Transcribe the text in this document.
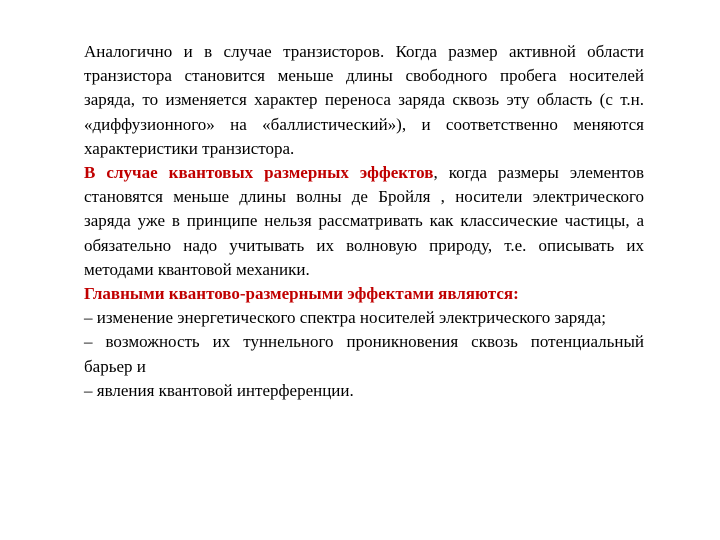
Аналогично и в случае транзисторов. Когда размер активной области транзистора становится меньше длины свободного пробега носителей заряда, то изменяется характер переноса заряда сквозь эту область (с т.н. «диффузионного» на «баллистический»), и соответственно меняются характеристики транзистора.

В случае квантовых размерных эффектов, когда размеры элементов становятся меньше длины волны де Бройля , носители электрического заряда уже в принципе нельзя рассматривать как классические частицы, а обязательно надо учитывать их волновую природу, т.е. описывать их методами квантовой механики.

Главными квантово-размерными эффектами являются:

– изменение энергетического спектра носителей электрического заряда;

– возможность их туннельного проникновения сквозь потенциальный барьер и

– явления квантовой интерференции.
